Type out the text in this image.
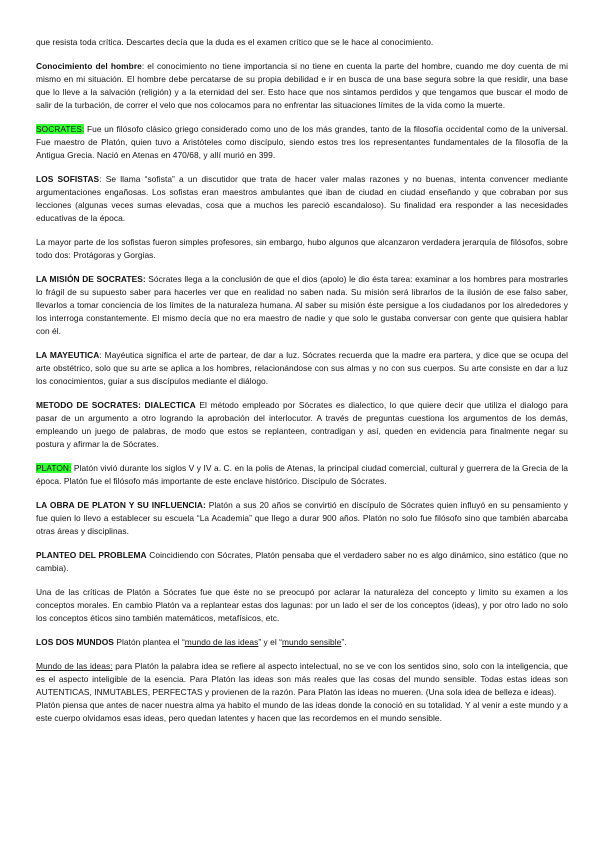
que resista toda crítica. Descartes decía que la duda es el examen crítico que se le hace al conocimiento.

Conocimiento del hombre: el conocimiento no tiene importancia si no tiene en cuenta la parte del hombre, cuando me doy cuenta de mi mismo en mi situación. El hombre debe percatarse de su propia debilidad e ir en busca de una base segura sobre la que residir, una base que lo lleve a la salvación (religión) y a la eternidad del ser. Esto hace que nos sintamos perdidos y que tengamos que buscar el modo de salir de la turbación, de correr el velo que nos colocamos para no enfrentar las situaciones límites de la vida como la muerte.

SOCRATES: Fue un filósofo clásico griego considerado como uno de los más grandes, tanto de la filosofía occidental como de la universal. Fue maestro de Platón, quien tuvo a Aristóteles como discípulo, siendo estos tres los representantes fundamentales de la filosofía de la Antigua Grecia. Nació en Atenas en 470/68, y allí murió en 399.

LOS SOFISTAS: Se llama “sofista” a un discutidor que trata de hacer valer malas razones y no buenas, intenta convencer mediante argumentaciones engañosas. Los sofistas eran maestros ambulantes que iban de ciudad en ciudad enseñando y que cobraban por sus lecciones (algunas veces sumas elevadas, cosa que a muchos les pareció escandaloso). Su finalidad era responder a las necesidades educativas de la época.

La mayor parte de los sofistas fueron simples profesores, sin embargo, hubo algunos que alcanzaron verdadera jerarquía de filósofos, sobre todo dos: Protágoras y Gorgias.

LA MISIÓN DE SOCRATES: Sócrates llega a la conclusión de que el dios (apolo) le dio ésta tarea: examinar a los hombres para mostrarles lo frágil de su supuesto saber para hacerles ver que en realidad no saben nada. Su misión será librarlos de la ilusión de ese falso saber, llevarlos a tomar conciencia de los límites de la naturaleza humana. Al saber su misión éste persigue a los ciudadanos por los alrededores y los interroga constantemente. El mismo decía que no era maestro de nadie y que solo le gustaba conversar con gente que quisiera hablar con él.

LA MAYEUTICA: Mayéutica significa el arte de partear, de dar a luz. Sócrates recuerda que la madre era partera, y dice que se ocupa del arte obstétrico, solo que su arte se aplica a los hombres, relacionándose con sus almas y no con sus cuerpos. Su arte consiste en dar a luz los conocimientos, guiar a sus discípulos mediante el diálogo.

METODO DE SOCRATES: DIALECTICA El método empleado por Sócrates es dialectico, lo que quiere decir que utiliza el dialogo para pasar de un argumento a otro logrando la aprobación del interlocutor. A través de preguntas cuestiona los argumentos de los demás, empleando un juego de palabras, de modo que estos se replanteen, contradigan y así, queden en evidencia para finalmente negar su postura y afirmar la de Sócrates.

PLATON: Platón vivió durante los siglos V y IV a. C. en la polis de Atenas, la principal ciudad comercial, cultural y guerrera de la Grecia de la época. Platón fue el filósofo más importante de este enclave histórico. Discípulo de Sócrates.

LA OBRA DE PLATON Y SU INFLUENCIA: Platón a sus 20 años se convirtió en discípulo de Sócrates quien influyó en su pensamiento y fue quien lo llevo a establecer su escuela “La Academia” que llego a durar 900 años. Platón no solo fue filósofo sino que también abarcaba otras áreas y disciplinas.

PLANTEO DEL PROBLEMA Coincidiendo con Sócrates, Platón pensaba que el verdadero saber no es algo dinámico, sino estático (que no cambia).

Una de las críticas de Platón a Sócrates fue que éste no se preocupó por aclarar la naturaleza del concepto y limito su examen a los conceptos morales. En cambio Platón va a replantear estas dos lagunas: por un lado el ser de los conceptos (ideas), y por otro lado no solo los conceptos éticos sino también matemáticos, metafísicos, etc.

LOS DOS MUNDOS Platón plantea el “mundo de las ideas” y el “mundo sensible”.

Mundo de las ideas: para Platón la palabra idea se refiere al aspecto intelectual, no se ve con los sentidos sino, solo con la inteligencia, que es el aspecto inteligible de la esencia. Para Platón las ideas son más reales que las cosas del mundo sensible. Todas estas ideas son AUTENTICAS, INMUTABLES, PERFECTAS y provienen de la razón. Para Platón las ideas no mueren. (Una sola idea de belleza e ideas).

Platón piensa que antes de nacer nuestra alma ya habito el mundo de las ideas donde la conoció en su totalidad. Y al venir a este mundo y a este cuerpo olvidamos esas ideas, pero quedan latentes y hacen que las recordemos en el mundo sensible.
